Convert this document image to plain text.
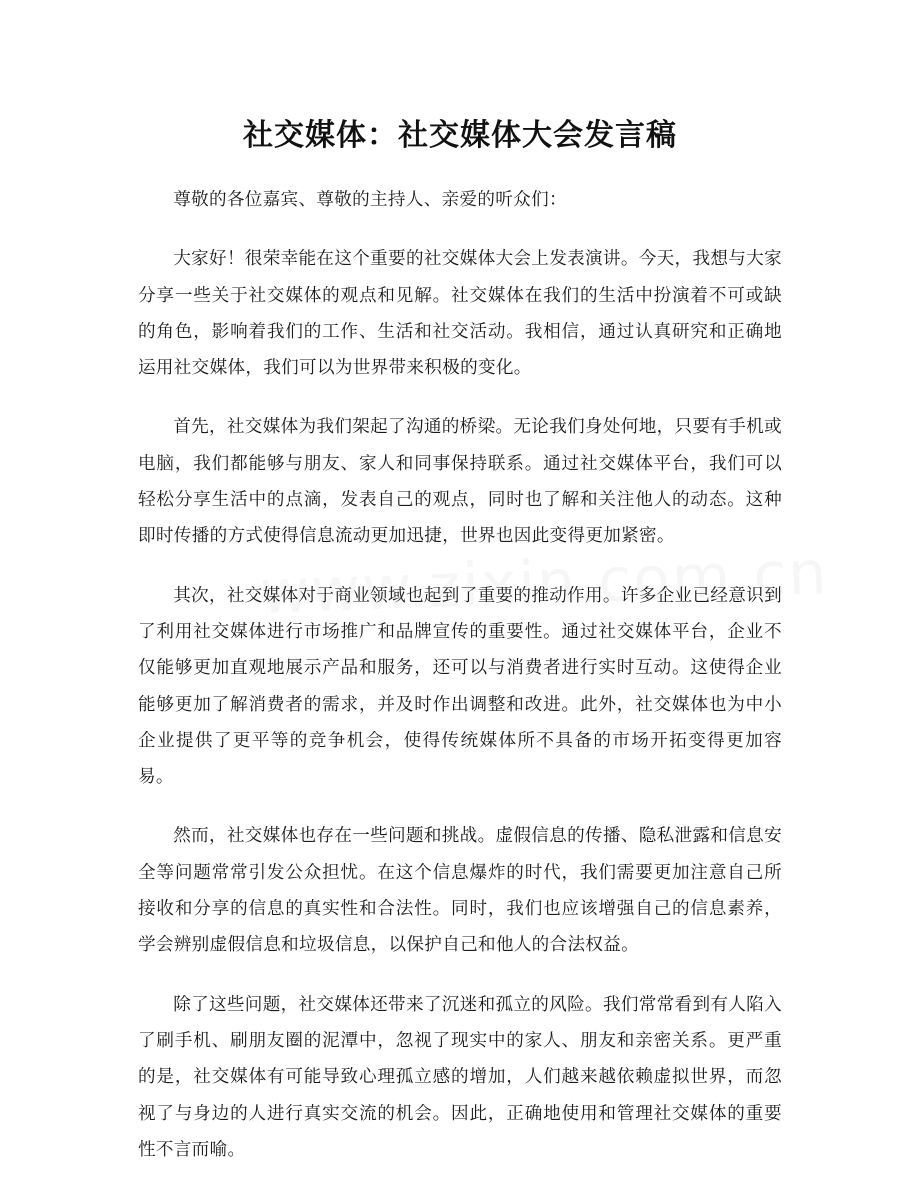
社交媒体：社交媒体大会发言稿

尊敬的各位嘉宾、尊敬的主持人、亲爱的听众们：

大家好！很荣幸能在这个重要的社交媒体大会上发表演讲。今天，我想与大家分享一些关于社交媒体的观点和见解。社交媒体在我们的生活中扮演着不可或缺的角色，影响着我们的工作、生活和社交活动。我相信，通过认真研究和正确地运用社交媒体，我们可以为世界带来积极的变化。

首先，社交媒体为我们架起了沟通的桥梁。无论我们身处何地，只要有手机或电脑，我们都能够与朋友、家人和同事保持联系。通过社交媒体平台，我们可以轻松分享生活中的点滴，发表自己的观点，同时也了解和关注他人的动态。这种即时传播的方式使得信息流动更加迅捷，世界也因此变得更加紧密。

其次，社交媒体对于商业领域也起到了重要的推动作用。许多企业已经意识到了利用社交媒体进行市场推广和品牌宣传的重要性。通过社交媒体平台，企业不仅能够更加直观地展示产品和服务，还可以与消费者进行实时互动。这使得企业能够更加了解消费者的需求，并及时作出调整和改进。此外，社交媒体也为中小企业提供了更平等的竞争机会，使得传统媒体所不具备的市场开拓变得更加容易。

然而，社交媒体也存在一些问题和挑战。虚假信息的传播、隐私泄露和信息安全等问题常常引发公众担忧。在这个信息爆炸的时代，我们需要更加注意自己所接收和分享的信息的真实性和合法性。同时，我们也应该增强自己的信息素养，学会辨别虚假信息和垃圾信息，以保护自己和他人的合法权益。

除了这些问题，社交媒体还带来了沉迷和孤立的风险。我们常常看到有人陷入了刷手机、刷朋友圈的泥潭中，忽视了现实中的家人、朋友和亲密关系。更严重的是，社交媒体有可能导致心理孤立感的增加，人们越来越依赖虚拟世界，而忽视了与身边的人进行真实交流的机会。因此，正确地使用和管理社交媒体的重要性不言而喻。
